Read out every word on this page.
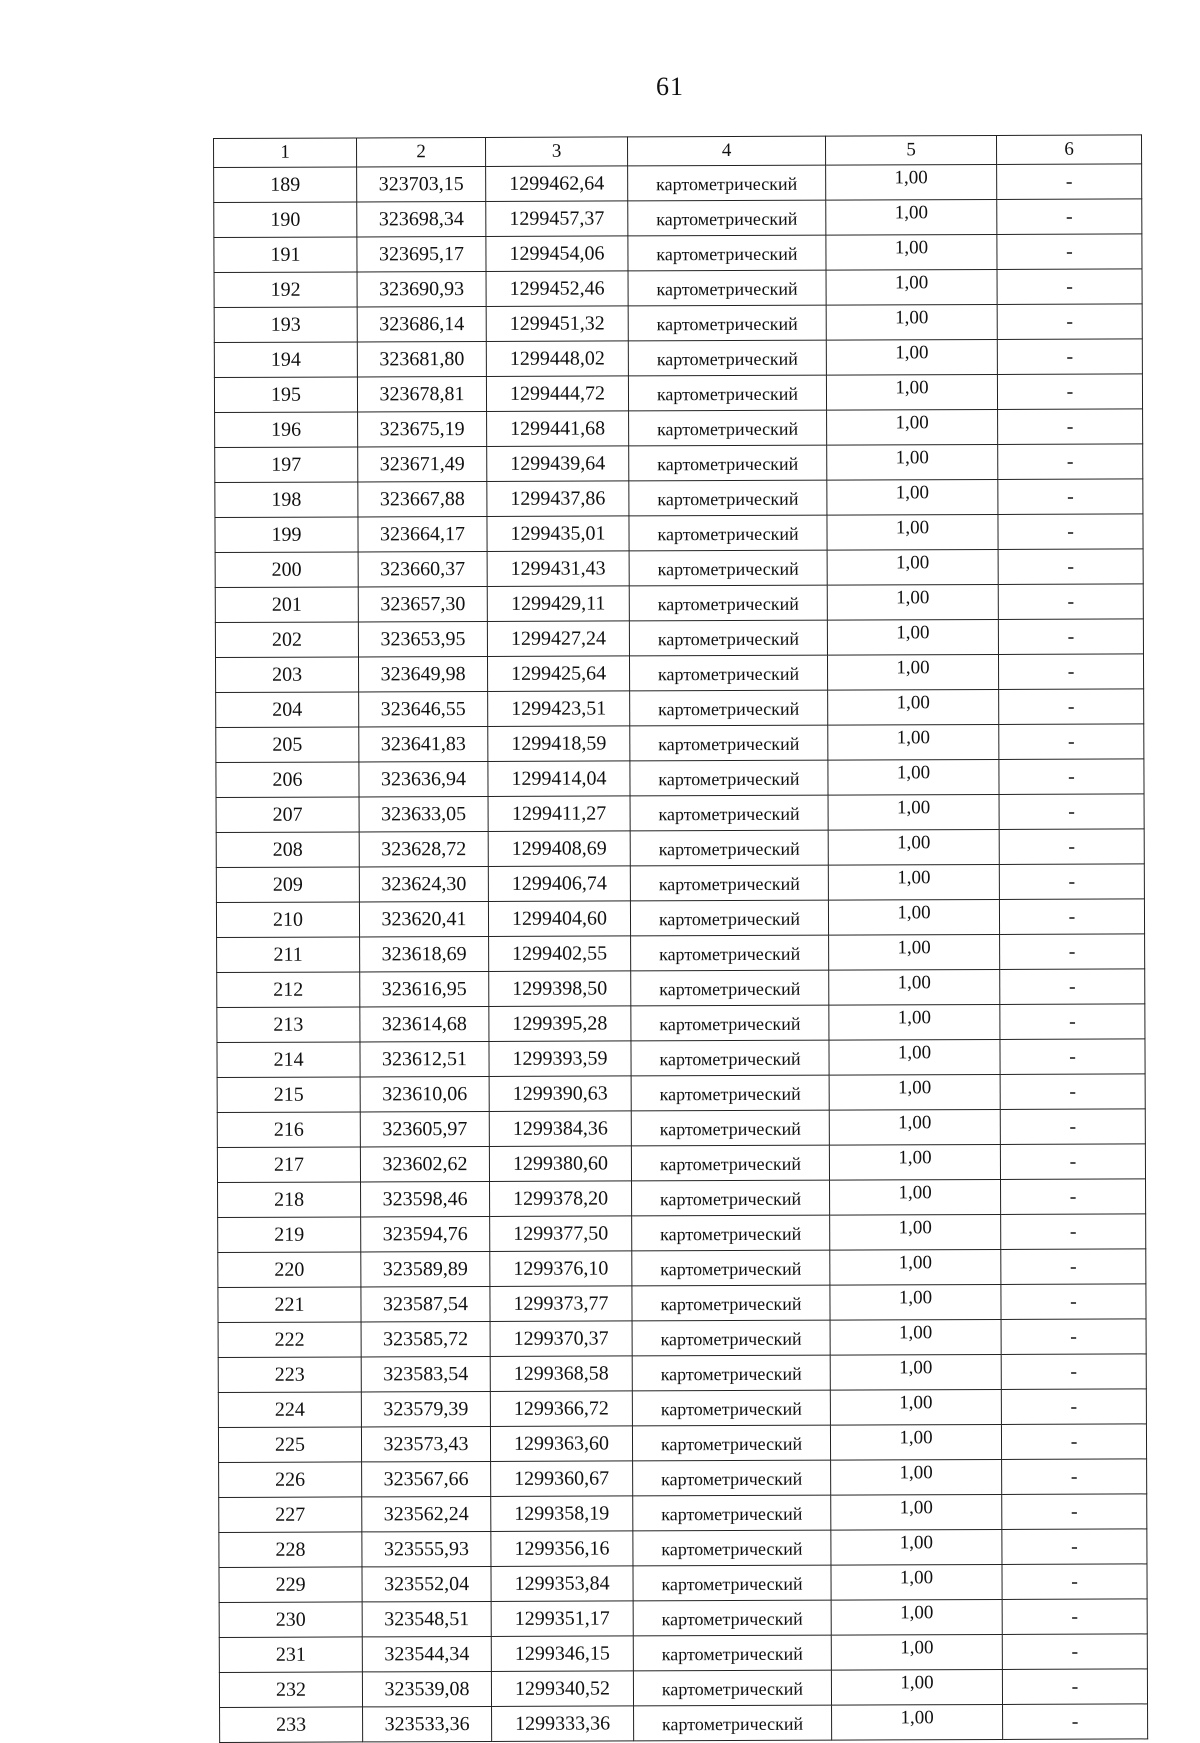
61
1	2	3	4	5	6
189	323703,15	1299462,64	картометрический	1,00	-
190	323698,34	1299457,37	картометрический	1,00	-
191	323695,17	1299454,06	картометрический	1,00	-
192	323690,93	1299452,46	картометрический	1,00	-
193	323686,14	1299451,32	картометрический	1,00	-
194	323681,80	1299448,02	картометрический	1,00	-
195	323678,81	1299444,72	картометрический	1,00	-
196	323675,19	1299441,68	картометрический	1,00	-
197	323671,49	1299439,64	картометрический	1,00	-
198	323667,88	1299437,86	картометрический	1,00	-
199	323664,17	1299435,01	картометрический	1,00	-
200	323660,37	1299431,43	картометрический	1,00	-
201	323657,30	1299429,11	картометрический	1,00	-
202	323653,95	1299427,24	картометрический	1,00	-
203	323649,98	1299425,64	картометрический	1,00	-
204	323646,55	1299423,51	картометрический	1,00	-
205	323641,83	1299418,59	картометрический	1,00	-
206	323636,94	1299414,04	картометрический	1,00	-
207	323633,05	1299411,27	картометрический	1,00	-
208	323628,72	1299408,69	картометрический	1,00	-
209	323624,30	1299406,74	картометрический	1,00	-
210	323620,41	1299404,60	картометрический	1,00	-
211	323618,69	1299402,55	картометрический	1,00	-
212	323616,95	1299398,50	картометрический	1,00	-
213	323614,68	1299395,28	картометрический	1,00	-
214	323612,51	1299393,59	картометрический	1,00	-
215	323610,06	1299390,63	картометрический	1,00	-
216	323605,97	1299384,36	картометрический	1,00	-
217	323602,62	1299380,60	картометрический	1,00	-
218	323598,46	1299378,20	картометрический	1,00	-
219	323594,76	1299377,50	картометрический	1,00	-
220	323589,89	1299376,10	картометрический	1,00	-
221	323587,54	1299373,77	картометрический	1,00	-
222	323585,72	1299370,37	картометрический	1,00	-
223	323583,54	1299368,58	картометрический	1,00	-
224	323579,39	1299366,72	картометрический	1,00	-
225	323573,43	1299363,60	картометрический	1,00	-
226	323567,66	1299360,67	картометрический	1,00	-
227	323562,24	1299358,19	картометрический	1,00	-
228	323555,93	1299356,16	картометрический	1,00	-
229	323552,04	1299353,84	картометрический	1,00	-
230	323548,51	1299351,17	картометрический	1,00	-
231	323544,34	1299346,15	картометрический	1,00	-
232	323539,08	1299340,52	картометрический	1,00	-
233	323533,36	1299333,36	картометрический	1,00	-
